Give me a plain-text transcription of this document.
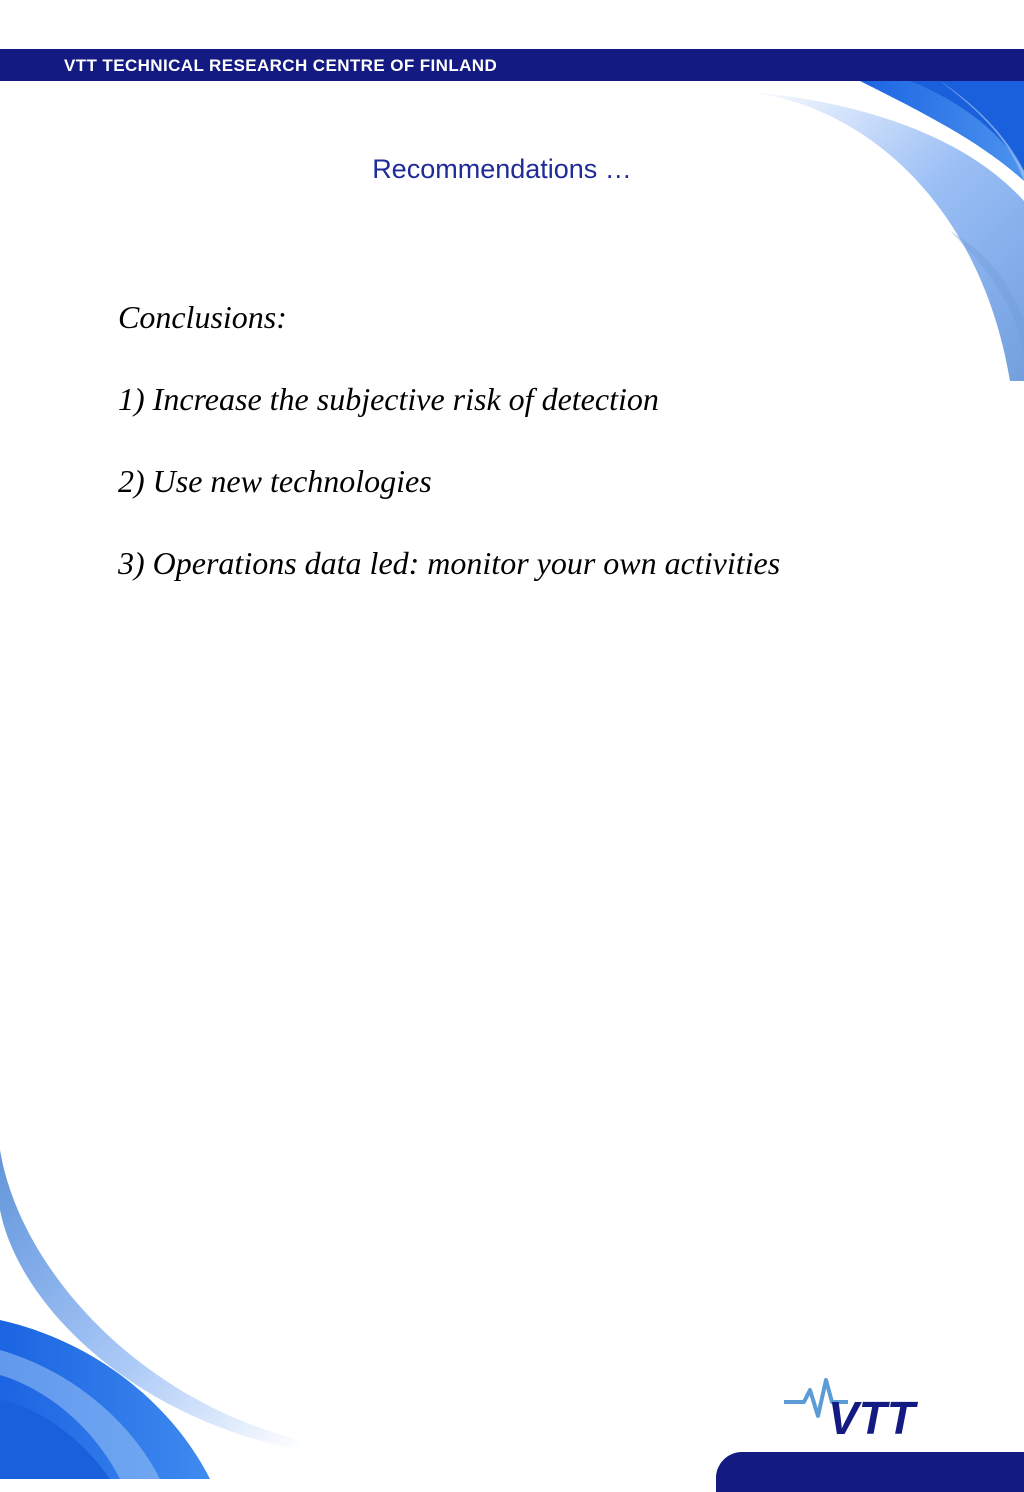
VTT TECHNICAL RESEARCH CENTRE OF FINLAND
Recommendations …
Conclusions:
1) Increase the subjective risk of detection
2) Use new technologies
3) Operations data led: monitor your own activities
VTT
